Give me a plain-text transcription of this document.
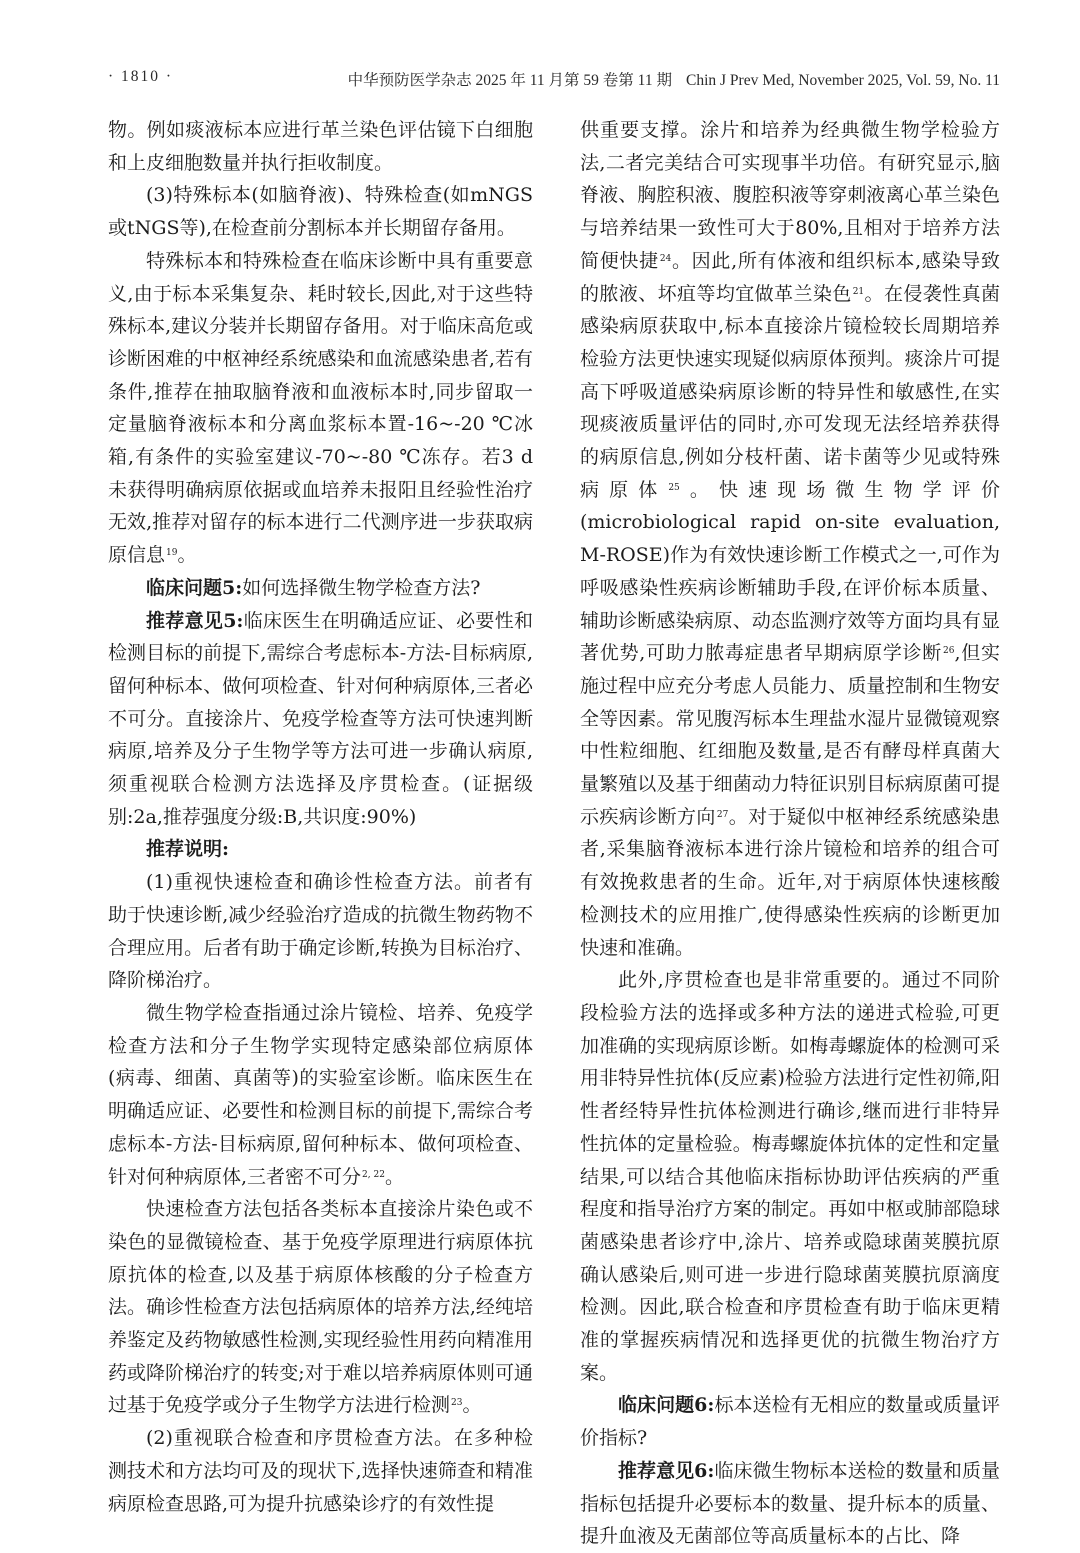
· 1810 ·	中华预防医学杂志 2025 年 11 月第 59 卷第 11 期 Chin J Prev Med, November 2025, Vol. 59, No. 11

物。例如痰液标本应进行革兰染色评估镜下白细胞和上皮细胞数量并执行拒收制度。

(3)特殊标本(如脑脊液)、特殊检查(如mNGS或tNGS等),在检查前分割标本并长期留存备用。

特殊标本和特殊检查在临床诊断中具有重要意义,由于标本采集复杂、耗时较长,因此,对于这些特殊标本,建议分装并长期留存备用。对于临床高危或诊断困难的中枢神经系统感染和血流感染患者,若有条件,推荐在抽取脑脊液和血液标本时,同步留取一定量脑脊液标本和分离血浆标本置-16~-20 ℃冰箱,有条件的实验室建议-70~-80 ℃冻存。若3 d未获得明确病原依据或血培养未报阳且经验性治疗无效,推荐对留存的标本进行二代测序进一步获取病原信息$^{19}$。

临床问题5:如何选择微生物学检查方法?

推荐意见5:临床医生在明确适应证、必要性和检测目标的前提下,需综合考虑标本-方法-目标病原,留何种标本、做何项检查、针对何种病原体,三者必不可分。直接涂片、免疫学检查等方法可快速判断病原,培养及分子生物学等方法可进一步确认病原,须重视联合检测方法选择及序贯检查。(证据级别:2a,推荐强度分级:B,共识度:90%)

推荐说明:

(1)重视快速检查和确诊性检查方法。前者有助于快速诊断,减少经验治疗造成的抗微生物药物不合理应用。后者有助于确定诊断,转换为目标治疗、降阶梯治疗。

微生物学检查指通过涂片镜检、培养、免疫学检查方法和分子生物学实现特定感染部位病原体(病毒、细菌、真菌等)的实验室诊断。临床医生在明确适应证、必要性和检测目标的前提下,需综合考虑标本-方法-目标病原,留何种标本、做何项检查、针对何种病原体,三者密不可分$^{2, 22}$。

快速检查方法包括各类标本直接涂片染色或不染色的显微镜检查、基于免疫学原理进行病原体抗原抗体的检查,以及基于病原体核酸的分子检查方法。确诊性检查方法包括病原体的培养方法,经纯培养鉴定及药物敏感性检测,实现经验性用药向精准用药或降阶梯治疗的转变;对于难以培养病原体则可通过基于免疫学或分子生物学方法进行检测$^{23}$。

(2)重视联合检查和序贯检查方法。在多种检测技术和方法均可及的现状下,选择快速筛查和精准病原检查思路,可为提升抗感染诊疗的有效性提

供重要支撑。涂片和培养为经典微生物学检验方法,二者完美结合可实现事半功倍。有研究显示,脑脊液、胸腔积液、腹腔积液等穿刺液离心革兰染色与培养结果一致性可大于80%,且相对于培养方法简便快捷$^{24}$。因此,所有体液和组织标本,感染导致的脓液、坏疽等均宜做革兰染色$^{21}$。在侵袭性真菌感染病原获取中,标本直接涂片镜检较长周期培养检验方法更快速实现疑似病原体预判。痰涂片可提高下呼吸道感染病原诊断的特异性和敏感性,在实现痰液质量评估的同时,亦可发现无法经培养获得的病原信息,例如分枝杆菌、诺卡菌等少见或特殊病原体$^{25}$。快速现场微生物学评价(microbiological rapid on-site evaluation, M-ROSE)作为有效快速诊断工作模式之一,可作为呼吸感染性疾病诊断辅助手段,在评价标本质量、辅助诊断感染病原、动态监测疗效等方面均具有显著优势,可助力脓毒症患者早期病原学诊断$^{26}$,但实施过程中应充分考虑人员能力、质量控制和生物安全等因素。常见腹泻标本生理盐水湿片显微镜观察中性粒细胞、红细胞及数量,是否有酵母样真菌大量繁殖以及基于细菌动力特征识别目标病原菌可提示疾病诊断方向$^{27}$。对于疑似中枢神经系统感染患者,采集脑脊液标本进行涂片镜检和培养的组合可有效挽救患者的生命。近年,对于病原体快速核酸检测技术的应用推广,使得感染性疾病的诊断更加快速和准确。

此外,序贯检查也是非常重要的。通过不同阶段检验方法的选择或多种方法的递进式检验,可更加准确的实现病原诊断。如梅毒螺旋体的检测可采用非特异性抗体(反应素)检验方法进行定性初筛,阳性者经特异性抗体检测进行确诊,继而进行非特异性抗体的定量检验。梅毒螺旋体抗体的定性和定量结果,可以结合其他临床指标协助评估疾病的严重程度和指导治疗方案的制定。再如中枢或肺部隐球菌感染患者诊疗中,涂片、培养或隐球菌荚膜抗原确认感染后,则可进一步进行隐球菌荚膜抗原滴度检测。因此,联合检查和序贯检查有助于临床更精准的掌握疾病情况和选择更优的抗微生物治疗方案。

临床问题6:标本送检有无相应的数量或质量评价指标?

推荐意见6:临床微生物标本送检的数量和质量指标包括提升必要标本的数量、提升标本的质量、提升血液及无菌部位等高质量标本的占比、降
